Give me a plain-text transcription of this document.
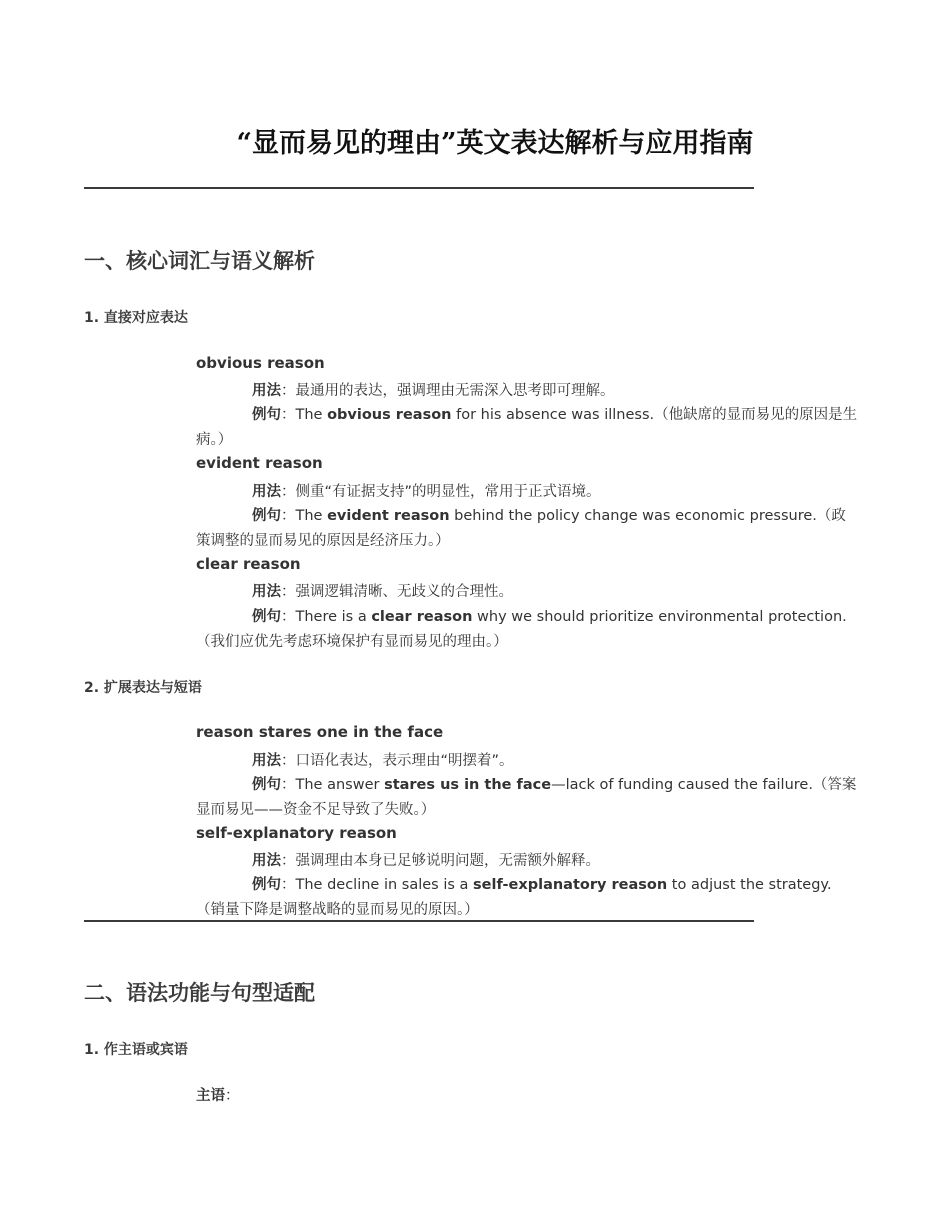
“显而易见的理由”英文表达解析与应用指南
一、核心词汇与语义解析
1. 直接对应表达
obvious reason

用法：最通用的表达，强调理由无需深入思考即可理解。

例句：The obvious reason for his absence was illness.（他缺席的显而易见的原因是生病。）

evident reason

用法：侧重“有证据支持”的明显性，常用于正式语境。

例句：The evident reason behind the policy change was economic pressure.（政策调整的显而易见的原因是经济压力。）

clear reason

用法：强调逻辑清晰、无歧义的合理性。

例句：There is a clear reason why we should prioritize environmental protection.（我们应优先考虑环境保护有显而易见的理由。）

2. 扩展表达与短语
reason stares one in the face

用法：口语化表达，表示理由“明摆着”。

例句：The answer stares us in the face—lack of funding caused the failure.（答案显而易见——资金不足导致了失败。）

self-explanatory reason

用法：强调理由本身已足够说明问题，无需额外解释。

例句：The decline in sales is a self-explanatory reason to adjust the strategy.（销量下降是调整战略的显而易见的原因。）

二、语法功能与句型适配
1. 作主语或宾语

主语：
